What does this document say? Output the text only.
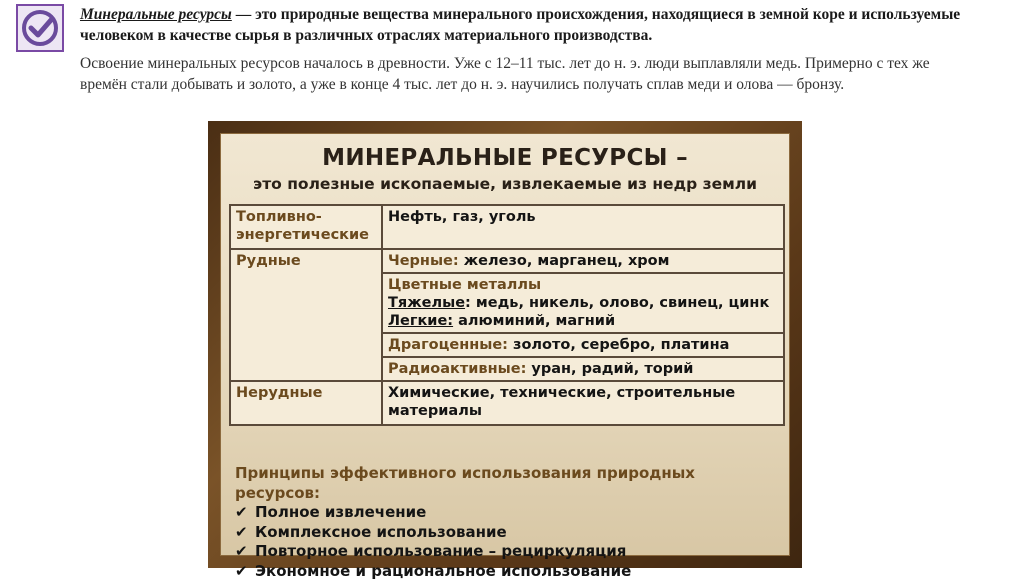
Минеральные ресурсы — это природные вещества минерального происхождения, находящиеся в земной коре и используемые человеком в качестве сырья в различных отраслях материального производства.

Освоение минеральных ресурсов началось в древности. Уже с 12–11 тыс. лет до н. э. люди выплавляли медь. Примерно с тех же времён стали добывать и золото, а уже в конце 4 тыс. лет до н. э. научились получать сплав меди и олова — бронзу.

МИНЕРАЛЬНЫЕ РЕСУРСЫ –
это полезные ископаемые, извлекаемые из недр земли
Топливно-энергетические	Нефть, газ, уголь
Рудные	Черные: железо, марганец, хром

	Цветные металлы
Тяжелые: медь, никель, олово, свинец, цинк
Легкие: алюминий, магний

	Драгоценные: золото, серебро, платина
	Радиоактивные: уран, радий, торий
Нерудные	Химические, технические, строительные материалы
Принципы эффективного использования природных ресурсов:
✔ Полное извлечение
✔ Комплексное использование
✔ Повторное использование – рециркуляция
✔ Экономное и рациональное использование
